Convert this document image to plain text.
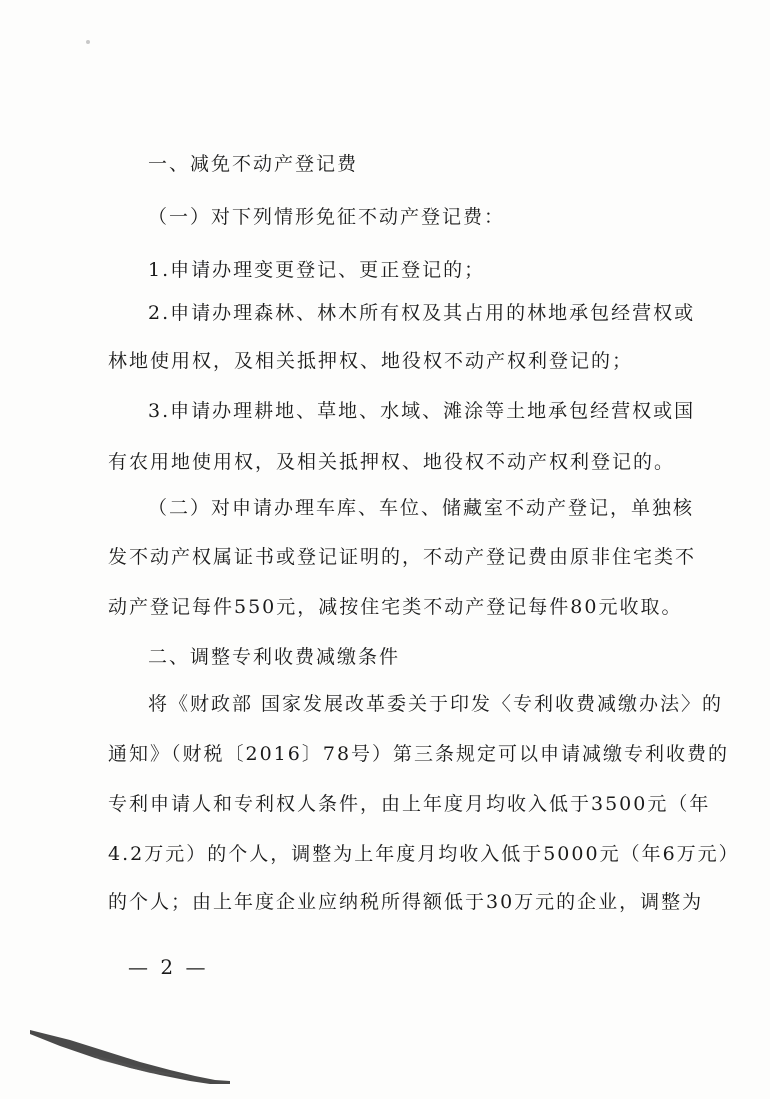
一、减免不动产登记费
（一）对下列情形免征不动产登记费：
1.申请办理变更登记、更正登记的；
2.申请办理森林、林木所有权及其占用的林地承包经营权或
林地使用权，及相关抵押权、地役权不动产权利登记的；
3.申请办理耕地、草地、水域、滩涂等土地承包经营权或国
有农用地使用权，及相关抵押权、地役权不动产权利登记的。
（二）对申请办理车库、车位、储藏室不动产登记，单独核
发不动产权属证书或登记证明的，不动产登记费由原非住宅类不
动产登记每件550元，减按住宅类不动产登记每件80元收取。
二、调整专利收费减缴条件
将《财政部 国家发展改革委关于印发〈专利收费减缴办法〉的
通知》（财税〔2016〕78号）第三条规定可以申请减缴专利收费的
专利申请人和专利权人条件，由上年度月均收入低于3500元（年
4.2万元）的个人，调整为上年度月均收入低于5000元（年6万元）
的个人；由上年度企业应纳税所得额低于30万元的企业，调整为
— 2 —
